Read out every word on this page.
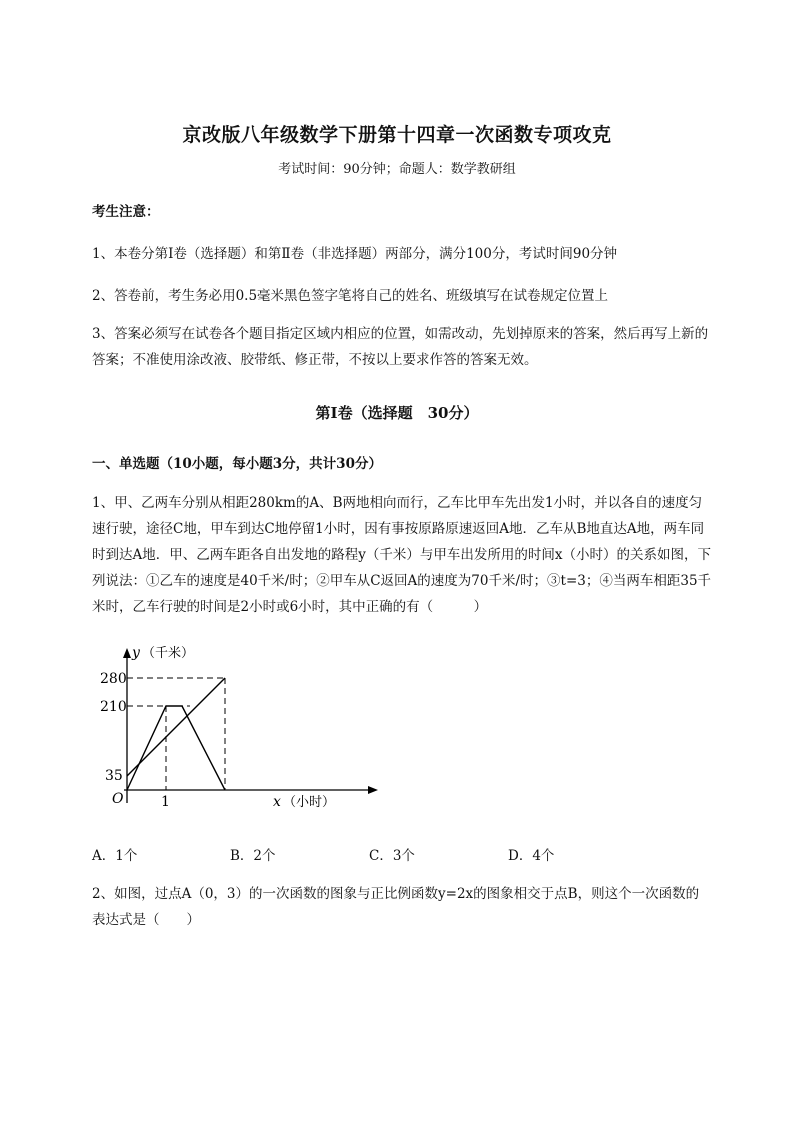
京改版八年级数学下册第十四章一次函数专项攻克
考试时间：90分钟；命题人：数学教研组
考生注意：
1、本卷分第I卷（选择题）和第Ⅱ卷（非选择题）两部分，满分100分，考试时间90分钟
2、答卷前，考生务必用0.5毫米黑色签字笔将自己的姓名、班级填写在试卷规定位置上
3、答案必须写在试卷各个题目指定区域内相应的位置，如需改动，先划掉原来的答案，然后再写上新的答案；不准使用涂改液、胶带纸、修正带，不按以上要求作答的答案无效。
第I卷（选择题　30分）
一、单选题（10小题，每小题3分，共计30分）
1、甲、乙两车分别从相距280km的A、B两地相向而行，乙车比甲车先出发1小时，并以各自的速度匀速行驶，途径C地，甲车到达C地停留1小时，因有事按原路原速返回A地．乙车从B地直达A地，两车同时到达A地．甲、乙两车距各自出发地的路程y（千米）与甲车出发所用的时间x（小时）的关系如图，下列说法：①乙车的速度是40千米/时；②甲车从C返回A的速度为70千米/时；③t=3；④当两车相距35千米时，乙车行驶的时间是2小时或6小时，其中正确的有（　　　）
y （千米）
280
210
35
O	1	x （小时）
A．1个	B．2个	C．3个	D．4个
2、如图，过点A（0，3）的一次函数的图象与正比例函数y=2x的图象相交于点B，则这个一次函数的表达式是（　　）
